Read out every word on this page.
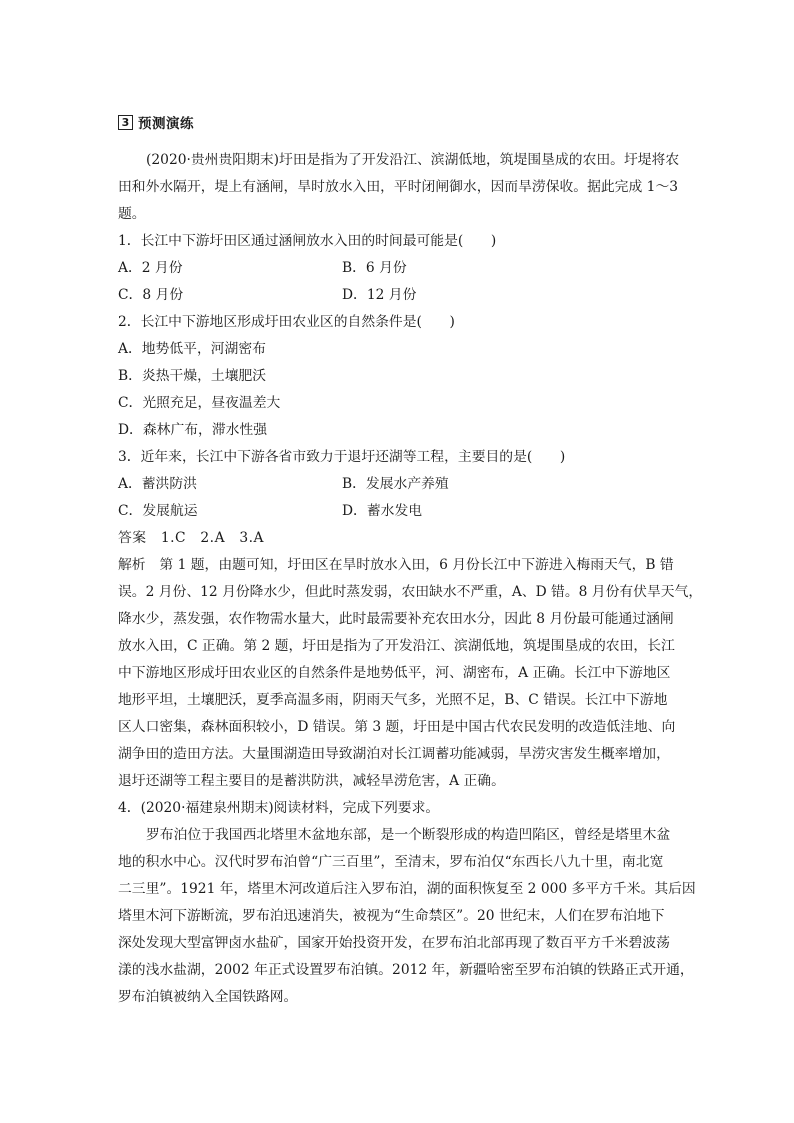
3 预测演练
(2020·贵州贵阳期末)圩田是指为了开发沿江、滨湖低地，筑堤围垦成的农田。圩堤将农
田和外水隔开，堤上有涵闸，旱时放水入田，平时闭闸御水，因而旱涝保收。据此完成 1～3
题。
1．长江中下游圩田区通过涵闸放水入田的时间最可能是(　　)
A．2 月份	B．6 月份
C．8 月份	D．12 月份
2．长江中下游地区形成圩田农业区的自然条件是(　　)
A．地势低平，河湖密布
B．炎热干燥，土壤肥沃
C．光照充足，昼夜温差大
D．森林广布，滞水性强
3．近年来，长江中下游各省市致力于退圩还湖等工程，主要目的是(　　)
A．蓄洪防洪	B．发展水产养殖
C．发展航运	D．蓄水发电
答案　1.C　2.A　3.A
解析　第 1 题，由题可知，圩田区在旱时放水入田，6 月份长江中下游进入梅雨天气，B 错
误。2 月份、12 月份降水少，但此时蒸发弱，农田缺水不严重，A、D 错。8 月份有伏旱天气，
降水少，蒸发强，农作物需水量大，此时最需要补充农田水分，因此 8 月份最可能通过涵闸
放水入田，C 正确。第 2 题，圩田是指为了开发沿江、滨湖低地，筑堤围垦成的农田，长江
中下游地区形成圩田农业区的自然条件是地势低平，河、湖密布，A 正确。长江中下游地区
地形平坦，土壤肥沃，夏季高温多雨，阴雨天气多，光照不足，B、C 错误。长江中下游地
区人口密集，森林面积较小，D 错误。第 3 题，圩田是中国古代农民发明的改造低洼地、向
湖争田的造田方法。大量围湖造田导致湖泊对长江调蓄功能减弱，旱涝灾害发生概率增加，
退圩还湖等工程主要目的是蓄洪防洪，减轻旱涝危害，A 正确。
4．(2020·福建泉州期末)阅读材料，完成下列要求。
罗布泊位于我国西北塔里木盆地东部，是一个断裂形成的构造凹陷区，曾经是塔里木盆
地的积水中心。汉代时罗布泊曾“广三百里”，至清末，罗布泊仅“东西长八九十里，南北宽
二三里”。1921 年，塔里木河改道后注入罗布泊，湖的面积恢复至 2 000 多平方千米。其后因
塔里木河下游断流，罗布泊迅速消失，被视为“生命禁区”。20 世纪末，人们在罗布泊地下
深处发现大型富钾卤水盐矿，国家开始投资开发，在罗布泊北部再现了数百平方千米碧波荡
漾的浅水盐湖，2002 年正式设置罗布泊镇。2012 年，新疆哈密至罗布泊镇的铁路正式开通，
罗布泊镇被纳入全国铁路网。
